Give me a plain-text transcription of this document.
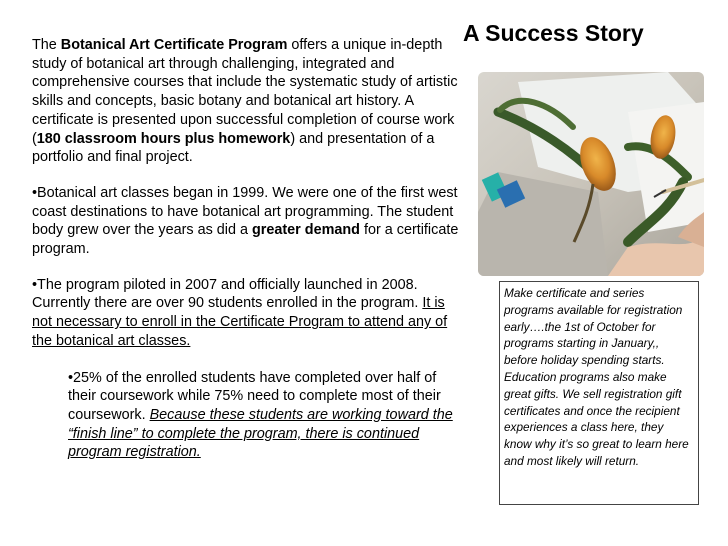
A Success Story

The Botanical Art Certificate Program offers a unique in-depth study of botanical art through challenging, integrated and comprehensive courses that include the systematic study of artistic skills and concepts, basic botany and botanical art history. A certificate is presented upon successful completion of course work (180 classroom hours plus homework) and presentation of a portfolio and final project.

• Botanical art classes began in 1999. We were one of the first west coast destinations to have botanical art programming. The student body grew over the years as did a greater demand for a certificate program.

• The program piloted in 2007 and officially launched in 2008. Currently there are over 90 students enrolled in the program. It is not necessary to enroll in the Certificate Program to attend any of the botanical art classes.

• 25% of the enrolled students have completed over half of their coursework while 75% need to complete most of their coursework. Because these students are working toward the “finish line” to complete the program, there is continued program registration.
Make certificate and series programs available for registration early….the 1st of October for programs starting in January,, before holiday spending starts. Education programs also make great gifts. We sell registration gift certificates and once the recipient experiences a class here, they know why it’s so great to learn here and most likely will return.
